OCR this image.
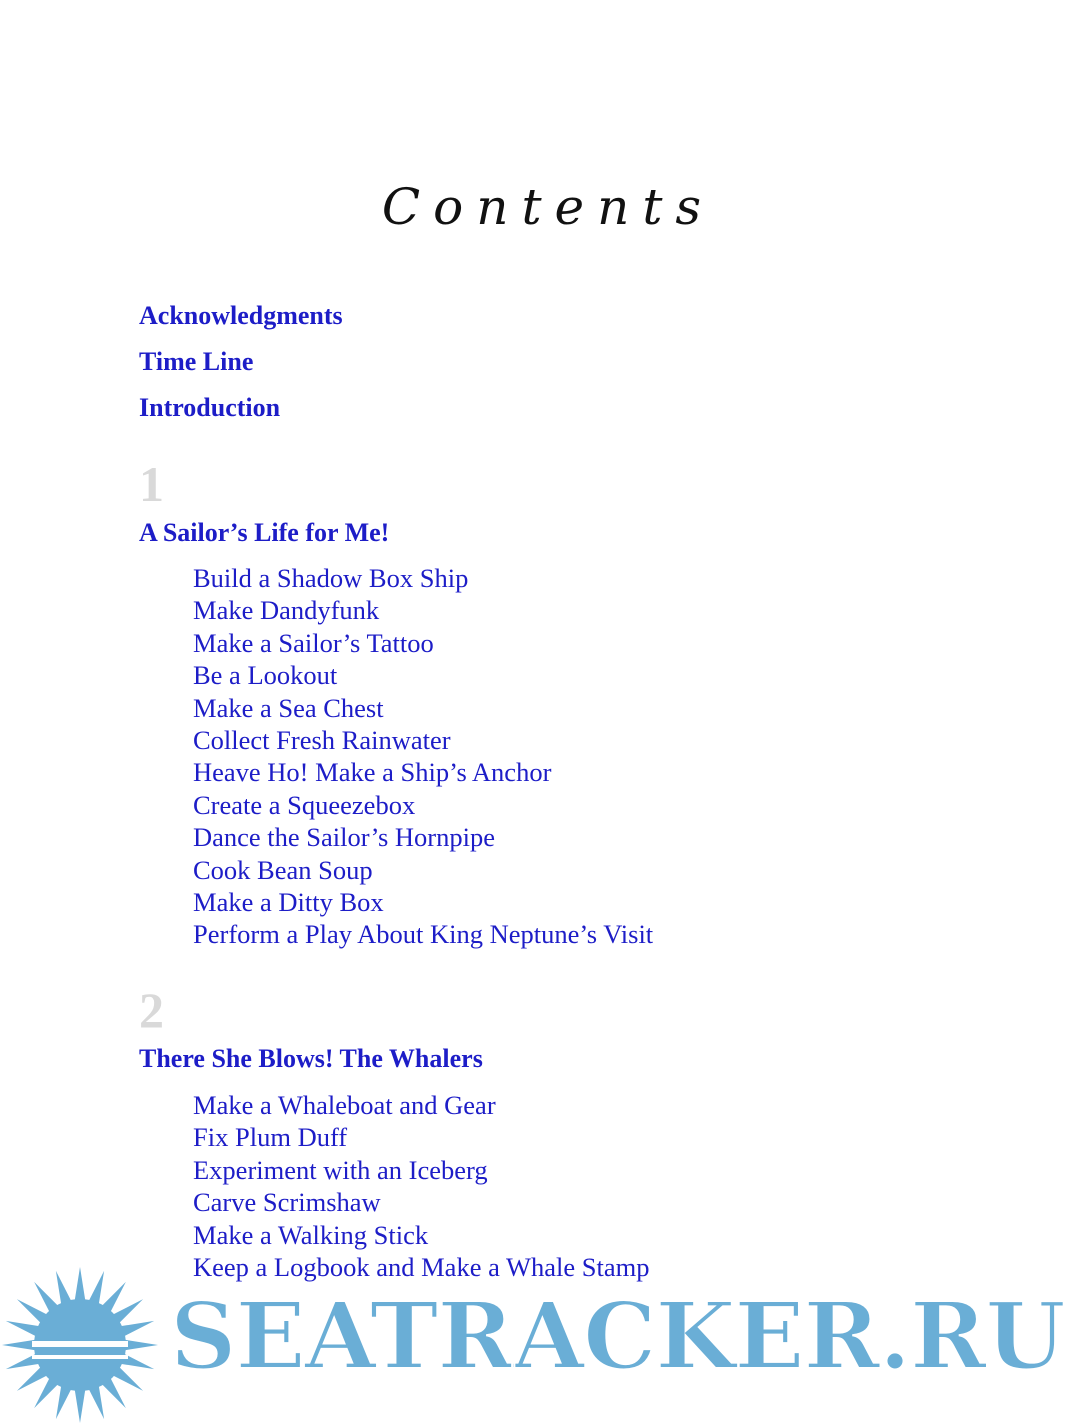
Contents
Acknowledgments
Time Line
Introduction
1
A Sailor’s Life for Me!
Build a Shadow Box Ship
Make Dandyfunk
Make a Sailor’s Tattoo
Be a Lookout
Make a Sea Chest
Collect Fresh Rainwater
Heave Ho! Make a Ship’s Anchor
Create a Squeezebox
Dance the Sailor’s Hornpipe
Cook Bean Soup
Make a Ditty Box
Perform a Play About King Neptune’s Visit
2
There She Blows! The Whalers
Make a Whaleboat and Gear
Fix Plum Duff
Experiment with an Iceberg
Carve Scrimshaw
Make a Walking Stick
Keep a Logbook and Make a Whale Stamp
SEATRACKER.RU
